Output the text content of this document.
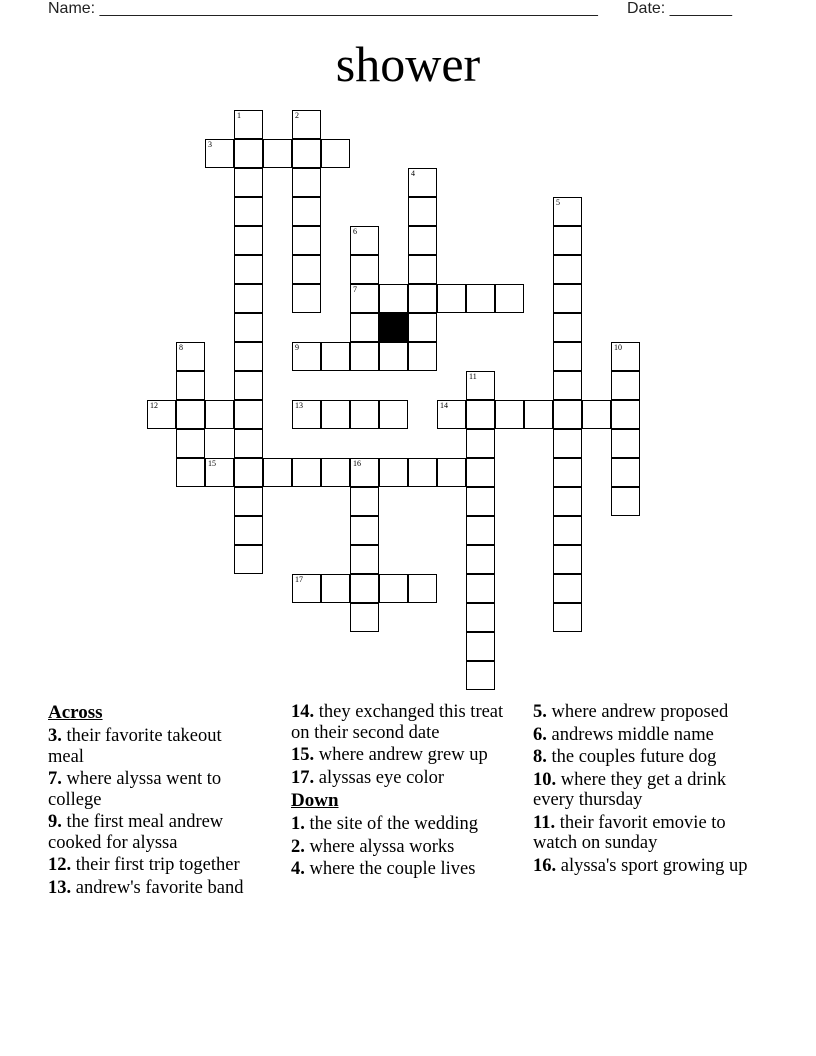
Name: ________________________________________________________ Date: _______
shower
1	2
3
4
5
6
7
8	9	10
11
12	13	14
15	16
17
Across
3. their favorite takeout meal
7. where alyssa went to college
9. the first meal andrew cooked for alyssa
12. their first trip together
13. andrew's favorite band
14. they exchanged this treat on their second date
15. where andrew grew up
17. alyssas eye color
Down
1. the site of the wedding
2. where alyssa works
4. where the couple lives
5. where andrew proposed
6. andrews middle name
8. the couples future dog
10. where they get a drink every thursday
11. their favorit emovie to watch on sunday
16. alyssa's sport growing up
